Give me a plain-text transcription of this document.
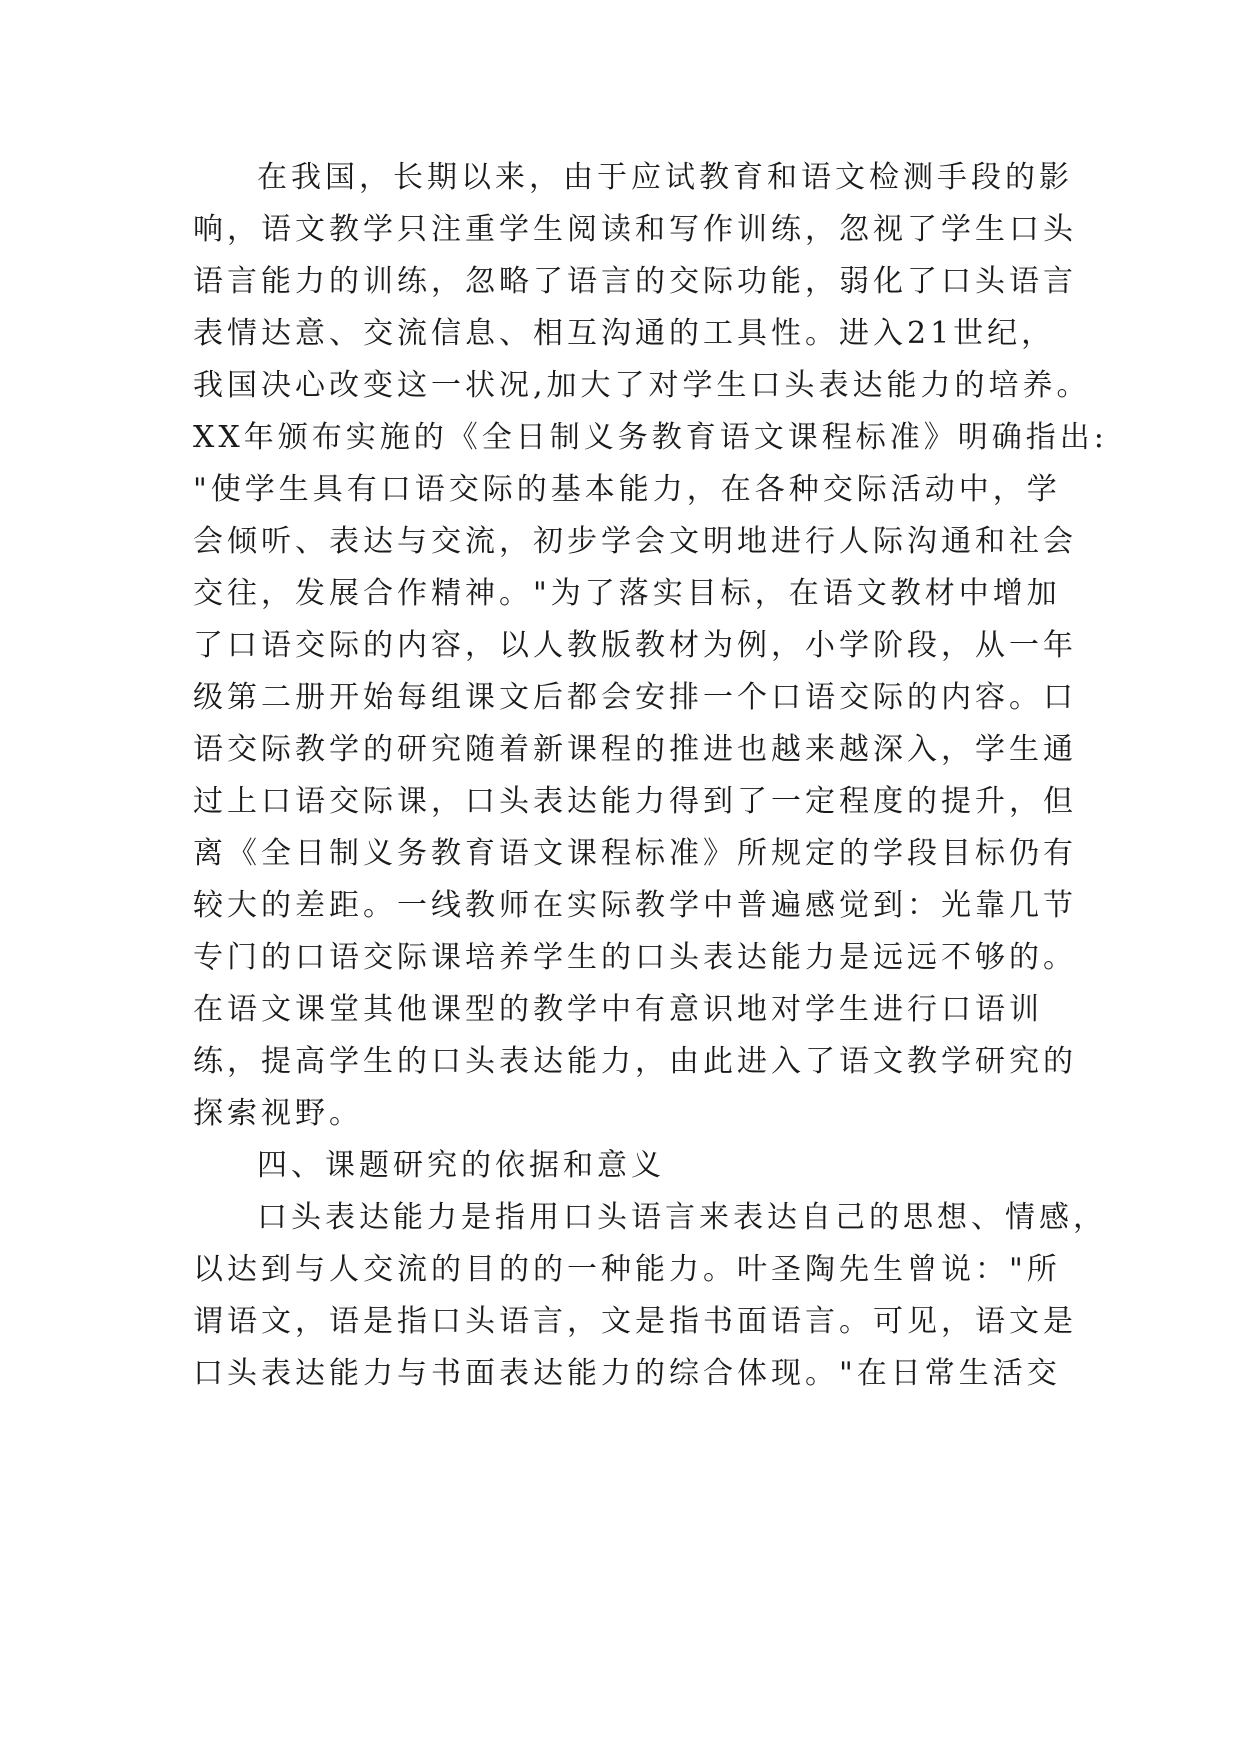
在我国，长期以来，由于应试教育和语文检测手段的影
响，语文教学只注重学生阅读和写作训练，忽视了学生口头
语言能力的训练，忽略了语言的交际功能，弱化了口头语言
表情达意、交流信息、相互沟通的工具性。进入21世纪，
我国决心改变这一状况,加大了对学生口头表达能力的培养。
XX年颁布实施的《全日制义务教育语文课程标准》明确指出:
"使学生具有口语交际的基本能力，在各种交际活动中，学
会倾听、表达与交流，初步学会文明地进行人际沟通和社会
交往，发展合作精神。"为了落实目标，在语文教材中增加
了口语交际的内容，以人教版教材为例，小学阶段，从一年
级第二册开始每组课文后都会安排一个口语交际的内容。口
语交际教学的研究随着新课程的推进也越来越深入，学生通
过上口语交际课，口头表达能力得到了一定程度的提升，但
离《全日制义务教育语文课程标准》所规定的学段目标仍有
较大的差距。一线教师在实际教学中普遍感觉到：光靠几节
专门的口语交际课培养学生的口头表达能力是远远不够的。
在语文课堂其他课型的教学中有意识地对学生进行口语训
练，提高学生的口头表达能力，由此进入了语文教学研究的
探索视野。
四、课题研究的依据和意义
口头表达能力是指用口头语言来表达自己的思想、情感，
以达到与人交流的目的的一种能力。叶圣陶先生曾说："所
谓语文，语是指口头语言，文是指书面语言。可见，语文是
口头表达能力与书面表达能力的综合体现。"在日常生活交
